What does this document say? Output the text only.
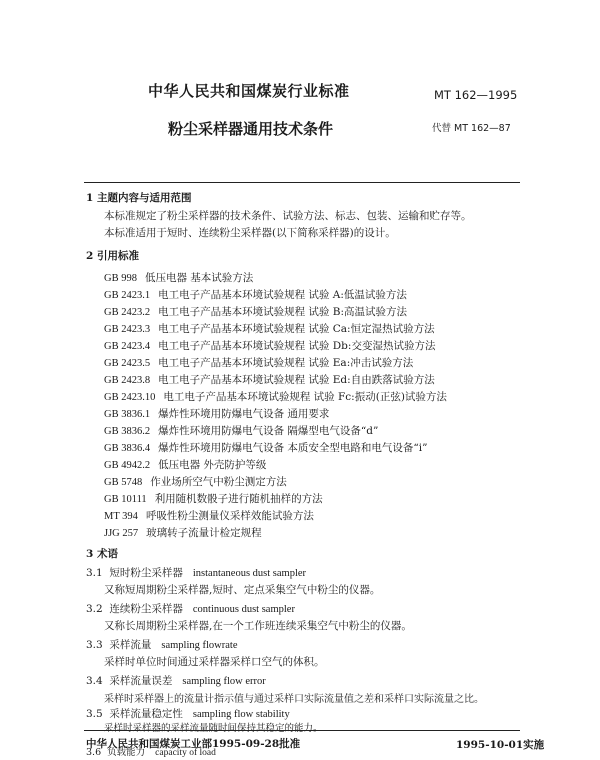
中华人民共和国煤炭行业标准	MT 162—1995
粉尘采样器通用技术条件	代替 MT 162—87
1 主题内容与适用范围
本标准规定了粉尘采样器的技术条件、试验方法、标志、包装、运输和贮存等。
本标准适用于短时、连续粉尘采样器(以下简称采样器)的设计。
2 引用标准
GB 998 低压电器 基本试验方法
GB 2423.1 电工电子产品基本环境试验规程 试验 A:低温试验方法
GB 2423.2 电工电子产品基本环境试验规程 试验 B:高温试验方法
GB 2423.3 电工电子产品基本环境试验规程 试验 Ca:恒定湿热试验方法
GB 2423.4 电工电子产品基本环境试验规程 试验 Db:交变湿热试验方法
GB 2423.5 电工电子产品基本环境试验规程 试验 Ea:冲击试验方法
GB 2423.8 电工电子产品基本环境试验规程 试验 Ed:自由跌落试验方法
GB 2423.10 电工电子产品基本环境试验规程 试验 Fc:振动(正弦)试验方法
GB 3836.1 爆炸性环境用防爆电气设备 通用要求
GB 3836.2 爆炸性环境用防爆电气设备 隔爆型电气设备“d”
GB 3836.4 爆炸性环境用防爆电气设备 本质安全型电路和电气设备“i”
GB 4942.2 低压电器 外壳防护等级
GB 5748 作业场所空气中粉尘测定方法
GB 10111 利用随机数骰子进行随机抽样的方法
MT 394 呼吸性粉尘测量仪采样效能试验方法
JJG 257 玻璃转子流量计检定规程
3 术语
3.1 短时粉尘采样器 instantaneous dust sampler
又称短周期粉尘采样器,短时、定点采集空气中粉尘的仪器。
3.2 连续粉尘采样器 continuous dust sampler
又称长周期粉尘采样器,在一个工作班连续采集空气中粉尘的仪器。
3.3 采样流量 sampling flowrate
采样时单位时间通过采样器采样口空气的体积。
3.4 采样流量误差 sampling flow error
采样时采样器上的流量计指示值与通过采样口实际流量值之差和采样口实际流量之比。
3.5 采样流量稳定性 sampling flow stability
采样时采样器的采样流量随时间保持其稳定的能力。
3.6 负载能力 capacity of load
中华人民共和国煤炭工业部1995-09-28批准	1995-10-01实施
